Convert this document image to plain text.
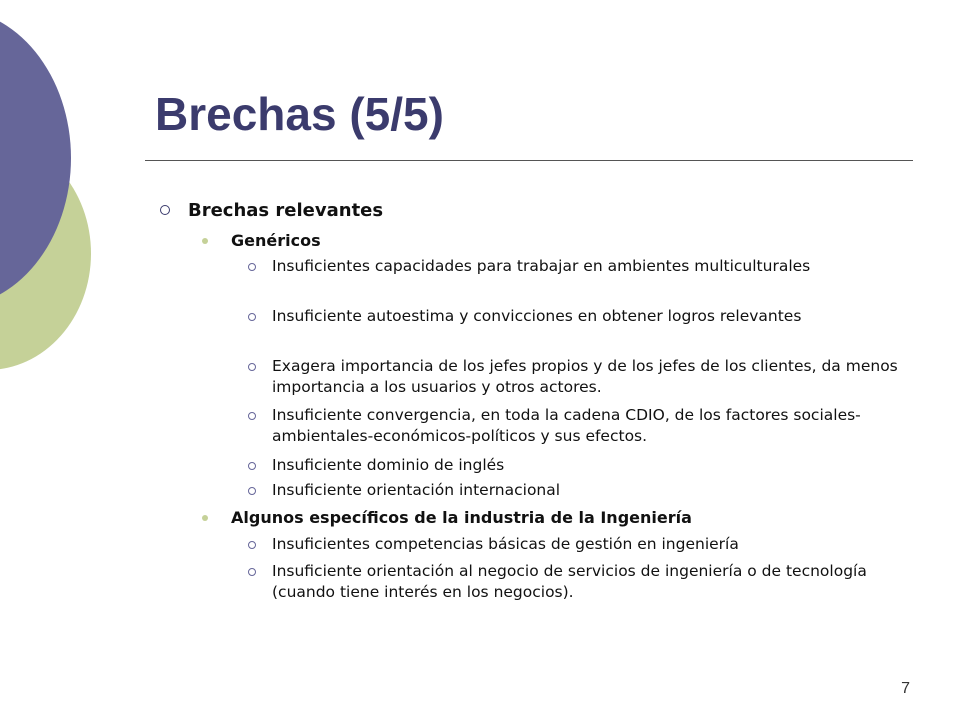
Brechas (5/5)
Brechas relevantes
Genéricos
Insuficientes capacidades para trabajar en ambientes multiculturales
Insuficiente autoestima y convicciones en obtener logros relevantes
Exagera importancia de los jefes propios y de los jefes de los clientes, da menos importancia a los usuarios y otros actores.
Insuficiente convergencia, en toda la cadena CDIO, de los factores sociales-ambientales-económicos-políticos y sus efectos.
Insuficiente dominio de inglés
Insuficiente orientación internacional
Algunos específicos de la industria de la Ingeniería
Insuficientes competencias básicas de gestión en ingeniería
Insuficiente orientación al negocio de servicios de ingeniería o de tecnología (cuando tiene interés en los negocios).
7
